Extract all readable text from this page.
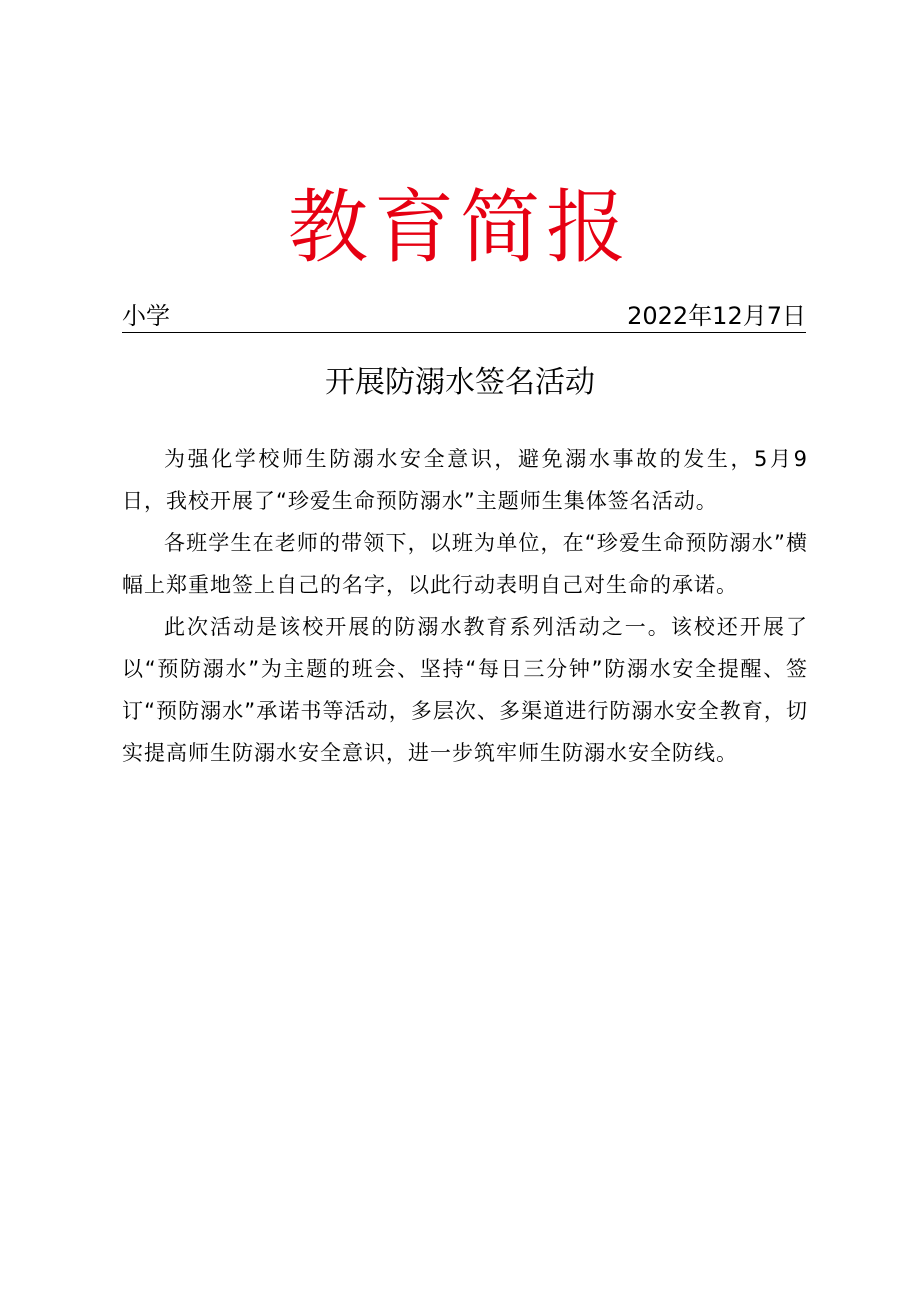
教育简报
小学	2022年12月7日
开展防溺水签名活动

为强化学校师生防溺水安全意识，避免溺水事故的发生，5月9日，我校开展了“珍爱生命预防溺水”主题师生集体签名活动。

各班学生在老师的带领下，以班为单位，在“珍爱生命预防溺水”横幅上郑重地签上自己的名字，以此行动表明自己对生命的承诺。

此次活动是该校开展的防溺水教育系列活动之一。该校还开展了以“预防溺水”为主题的班会、坚持“每日三分钟”防溺水安全提醒、签订“预防溺水”承诺书等活动，多层次、多渠道进行防溺水安全教育，切实提高师生防溺水安全意识，进一步筑牢师生防溺水安全防线。
